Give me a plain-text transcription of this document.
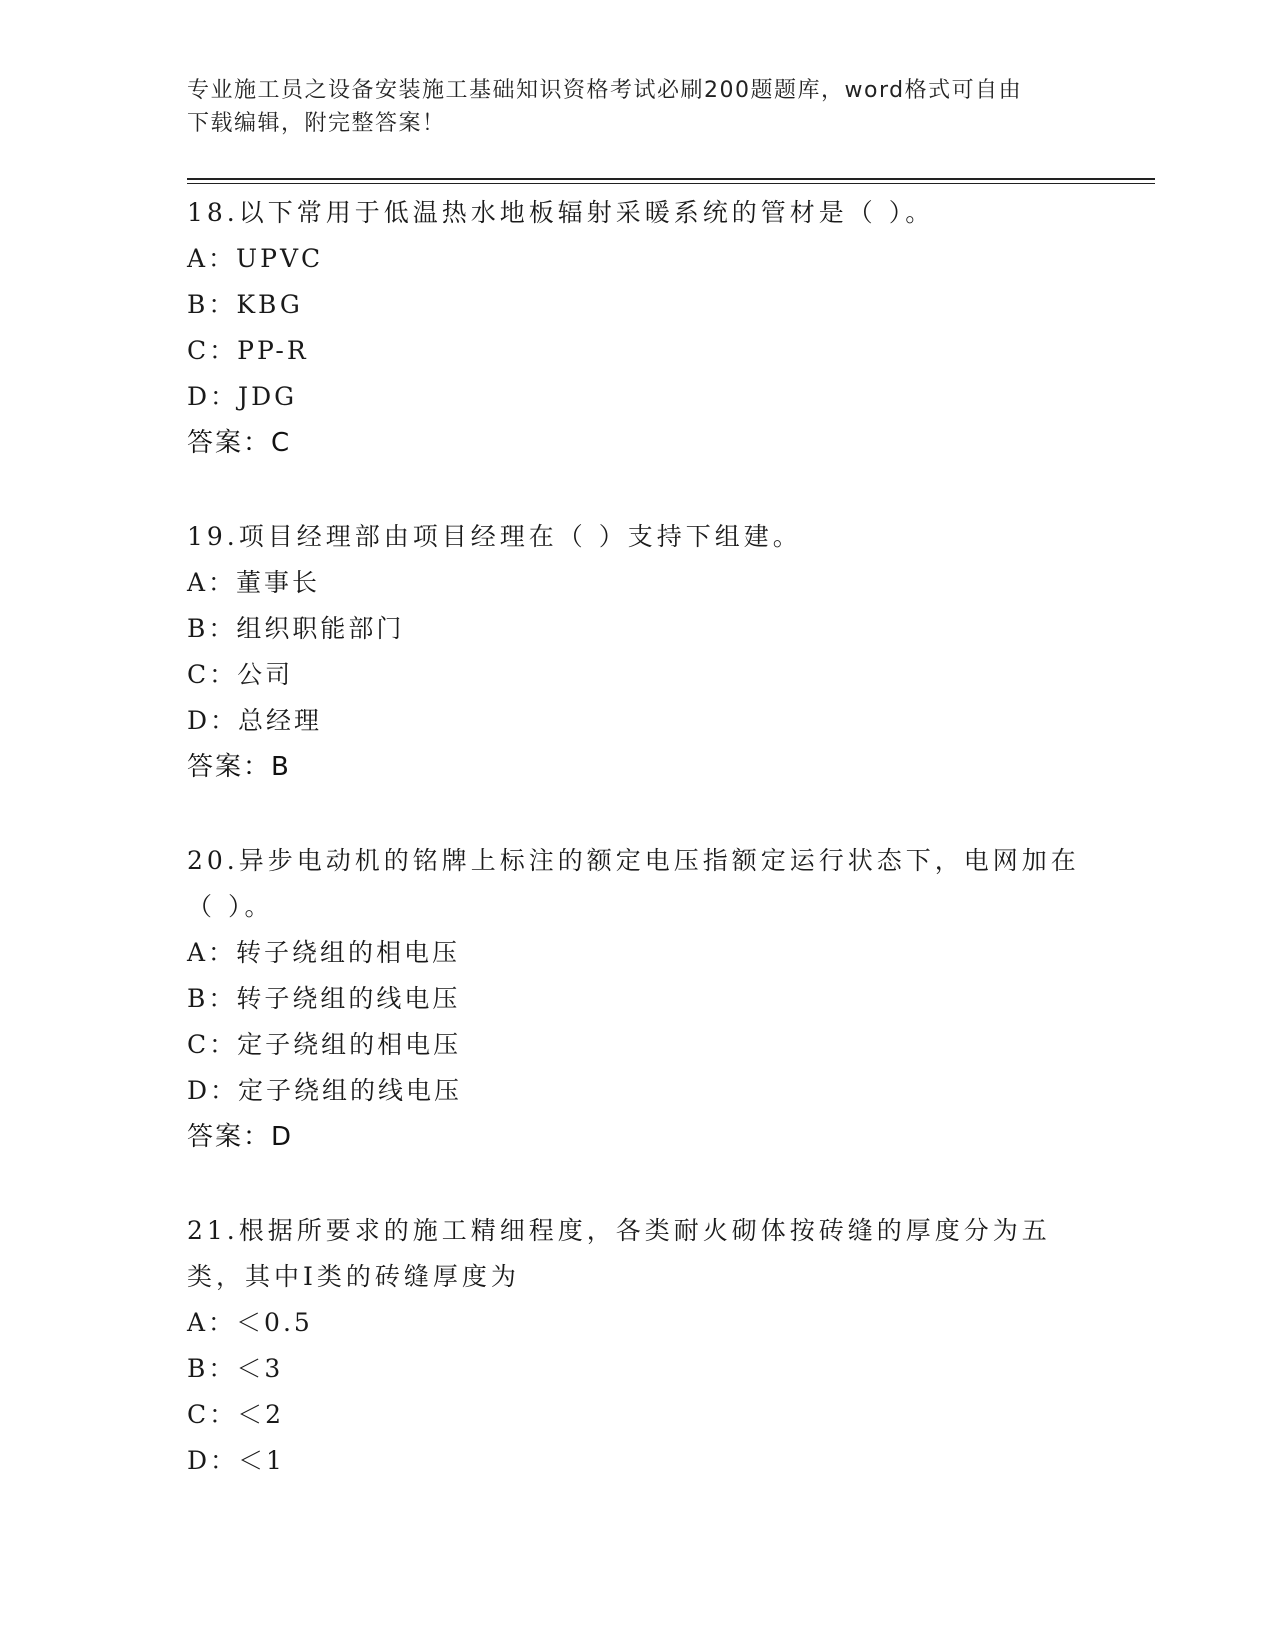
专业施工员之设备安装施工基础知识资格考试必刷200题题库，word格式可自由
下载编辑，附完整答案！
18.以下常用于低温热水地板辐射采暖系统的管材是（ ）。
A：UPVC
B：KBG
C：PP-R
D：JDG
答案：C
19.项目经理部由项目经理在（ ）支持下组建。
A：董事长
B：组织职能部门
C：公司
D：总经理
答案：B
20.异步电动机的铭牌上标注的额定电压指额定运行状态下，电网加在（ ）。
A：转子绕组的相电压
B：转子绕组的线电压
C：定子绕组的相电压
D：定子绕组的线电压
答案：D
21.根据所要求的施工精细程度，各类耐火砌体按砖缝的厚度分为五类，其中Ⅰ类的砖缝厚度为
A：＜0.5
B：＜3
C：＜2
D：＜1
